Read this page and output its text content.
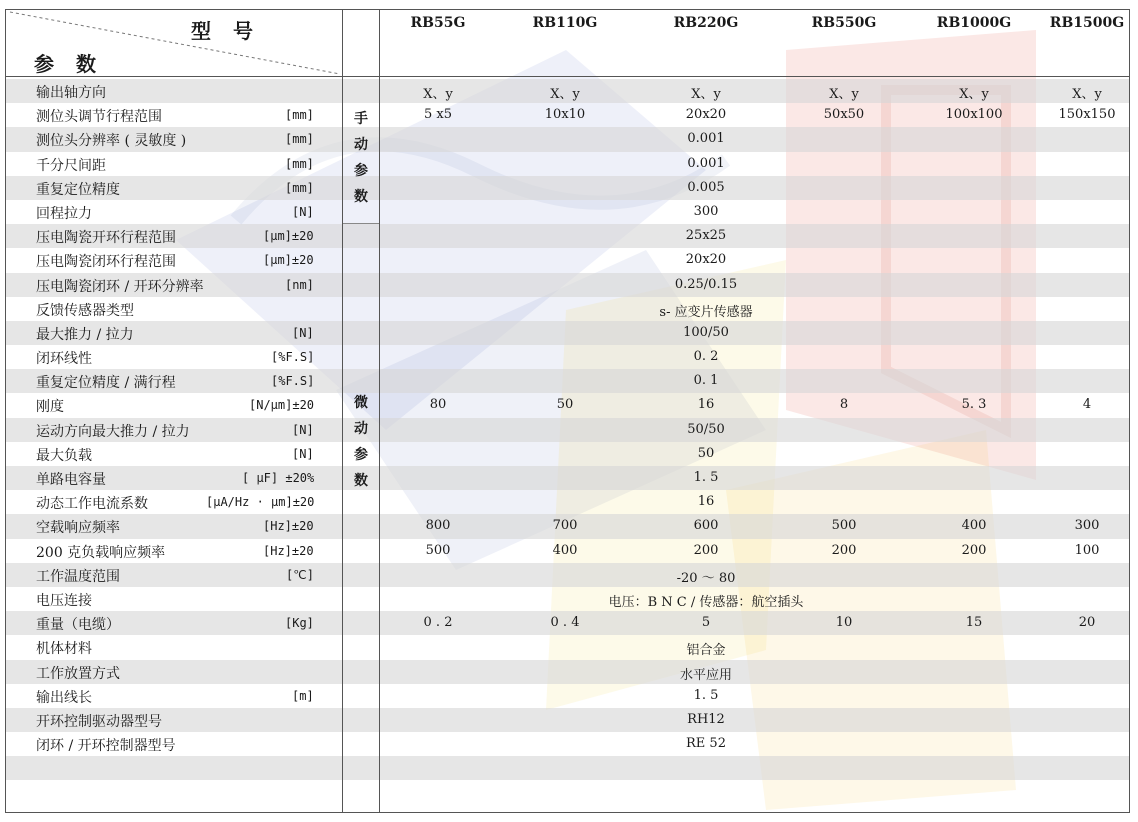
型号
参数
RB55G	RB110G	RB220G	RB550G	RB1000G	RB1500G
手
动
参
数
微
动
参
数
输出轴方向	X、y	X、y	X、y	X、y	X、y	X、y
测位头调节行程范围	[mm]	5 x5	10x10	20x20	50x50	100x100	150x150
测位头分辨率 ( 灵敏度 )	[mm]	0.001
千分尺间距	[mm]	0.001
重复定位精度	[mm]	0.005
回程拉力	[N]	300
压电陶瓷开环行程范围	[μm]±20	25x25
压电陶瓷闭环行程范围	[μm]±20	20x20
压电陶瓷闭环 / 开环分辨率	[nm]	0.25/0.15
反馈传感器类型	s- 应变片传感器
最大推力 / 拉力	[N]	100/50
闭环线性	[%F.S]	0. 2
重复定位精度 / 满行程	[%F.S]	0. 1
刚度	[N/μm]±20	80	50	16	8	5. 3	4
运动方向最大推力 / 拉力	[N]	50/50
最大负载	[N]	50
单路电容量	[ μF] ±20%	1. 5
动态工作电流系数	[μA/Hz · μm]±20	16
空载响应频率	[Hz]±20	800	700	600	500	400	300
200 克负载响应频率	[Hz]±20	500	400	200	200	200	100
工作温度范围	[℃]	-20 ～ 80
电压连接	电压：B N C / 传感器：航空插头
重量（电缆）	[Kg]	0 . 2	0 . 4	5	10	15	20
机体材料	铝合金
工作放置方式	水平应用
输出线长	[m]	1. 5
开环控制驱动器型号	RH12
闭环 / 开环控制器型号	RE 52
